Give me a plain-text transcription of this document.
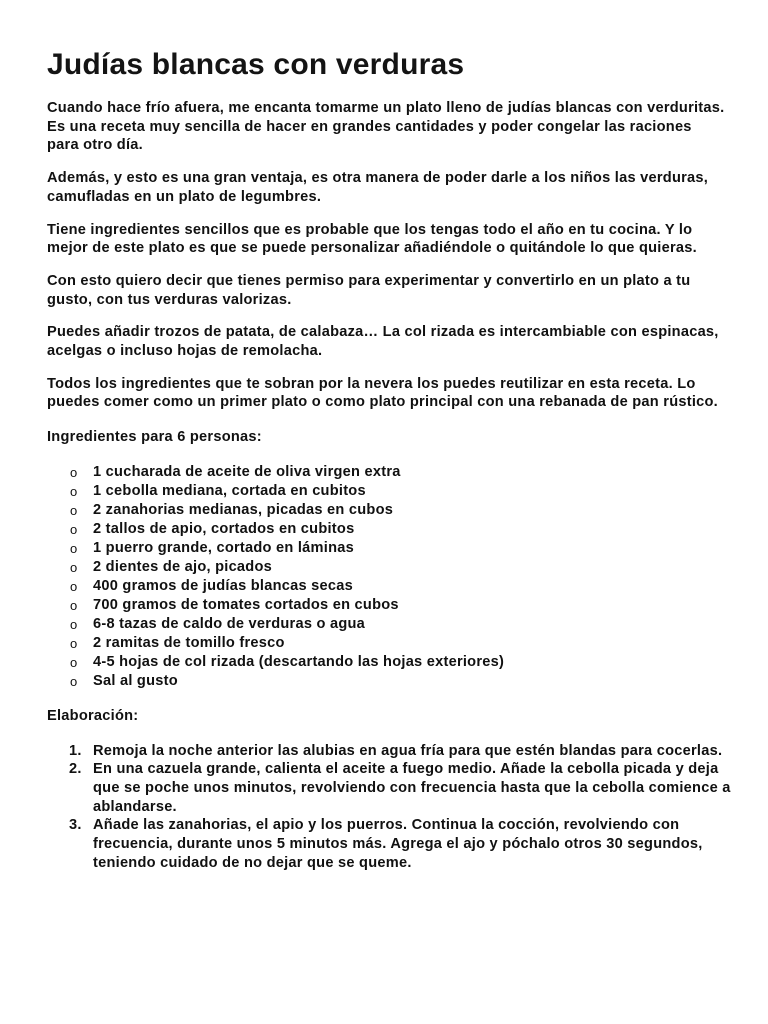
Judías blancas con verduras

Cuando hace frío afuera, me encanta tomarme un plato lleno de judías blancas con verduritas. Es una receta muy sencilla de hacer en grandes cantidades y poder congelar las raciones para otro día.

Además, y esto es una gran ventaja, es otra manera de poder darle a los niños las verduras, camufladas en un plato de legumbres.

Tiene ingredientes sencillos que es probable que los tengas todo el año en tu cocina. Y lo mejor de este plato es que se puede personalizar añadiéndole o quitándole lo que quieras.

Con esto quiero decir que tienes permiso para experimentar y convertirlo en un plato a tu gusto, con tus verduras valorizas.

Puedes añadir trozos de patata, de calabaza… La col rizada es intercambiable con espinacas, acelgas o incluso hojas de remolacha.

Todos los ingredientes que te sobran por la nevera los puedes reutilizar en esta receta. Lo puedes comer como un primer plato o como plato principal con una rebanada de pan rústico.

Ingredientes para 6 personas:

o 1 cucharada de aceite de oliva virgen extra
o 1 cebolla mediana, cortada en cubitos
o 2 zanahorias medianas, picadas en cubos
o 2 tallos de apio, cortados en cubitos
o 1 puerro grande, cortado en láminas
o 2 dientes de ajo, picados
o 400 gramos de judías blancas secas
o 700 gramos de tomates cortados en cubos
o 6-8 tazas de caldo de verduras o agua
o 2 ramitas de tomillo fresco
o 4-5 hojas de col rizada (descartando las hojas exteriores)
o Sal al gusto

Elaboración:

1. Remoja la noche anterior las alubias en agua fría para que estén blandas para cocerlas.
2. En una cazuela grande, calienta el aceite a fuego medio. Añade la cebolla picada y deja que se poche unos minutos, revolviendo con frecuencia hasta que la cebolla comience a ablandarse.
3. Añade las zanahorias, el apio y los puerros. Continua la cocción, revolviendo con frecuencia, durante unos 5 minutos más. Agrega el ajo y póchalo otros 30 segundos, teniendo cuidado de no dejar que se queme.
